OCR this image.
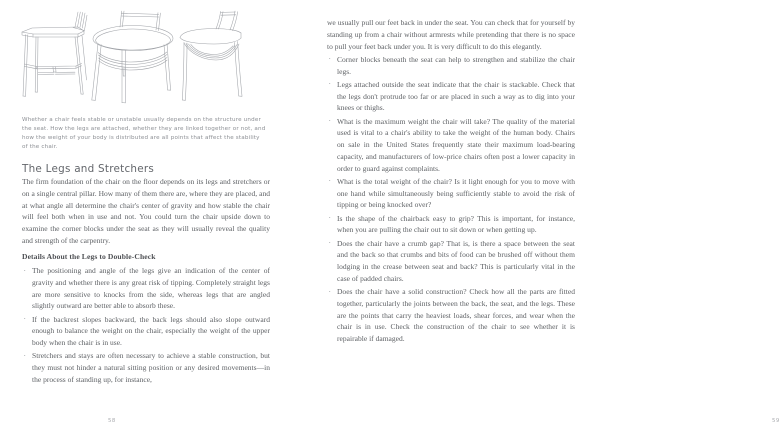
Whether a chair feels stable or unstable usually depends on the structure under the seat. How the legs are attached, whether they are linked together or not, and how the weight of your body is distributed are all points that affect the stability of the chair.
The Legs and Stretchers

The firm foundation of the chair on the floor depends on its legs and stretchers or on a single central pillar. How many of them there are, where they are placed, and at what angle all determine the chair's center of gravity and how stable the chair will feel both when in use and not. You could turn the chair upside down to examine the corner blocks under the seat as they will usually reveal the quality and strength of the carpentry.

Details About the Legs to Double-Check
· The positioning and angle of the legs give an indication of the center of gravity and whether there is any great risk of tipping. Completely straight legs are more sensitive to knocks from the side, whereas legs that are angled slightly outward are better able to absorb these.
· If the backrest slopes backward, the back legs should also slope outward enough to balance the weight on the chair, especially the weight of the upper body when the chair is in use.
· Stretchers and stays are often necessary to achieve a stable construction, but they must not hinder a natural sitting position or any desired movements—in the process of standing up, for instance,
58

we usually pull our feet back in under the seat. You can check that for yourself by standing up from a chair without armrests while pretending that there is no space to pull your feet back under you. It is very difficult to do this elegantly.

· Corner blocks beneath the seat can help to strengthen and stabilize the chair legs.
· Legs attached outside the seat indicate that the chair is stackable. Check that the legs don't protrude too far or are placed in such a way as to dig into your knees or thighs.
· What is the maximum weight the chair will take? The quality of the material used is vital to a chair's ability to take the weight of the human body. Chairs on sale in the United States frequently state their maximum load-bearing capacity, and manufacturers of low-price chairs often post a lower capacity in order to guard against complaints.
· What is the total weight of the chair? Is it light enough for you to move with one hand while simultaneously being sufficiently stable to avoid the risk of tipping or being knocked over?
· Is the shape of the chairback easy to grip? This is important, for instance, when you are pulling the chair out to sit down or when getting up.
· Does the chair have a crumb gap? That is, is there a space between the seat and the back so that crumbs and bits of food can be brushed off without them lodging in the crease between seat and back? This is particularly vital in the case of padded chairs.
· Does the chair have a solid construction? Check how all the parts are fitted together, particularly the joints between the back, the seat, and the legs. These are the points that carry the heaviest loads, shear forces, and wear when the chair is in use. Check the construction of the chair to see whether it is repairable if damaged.
59
